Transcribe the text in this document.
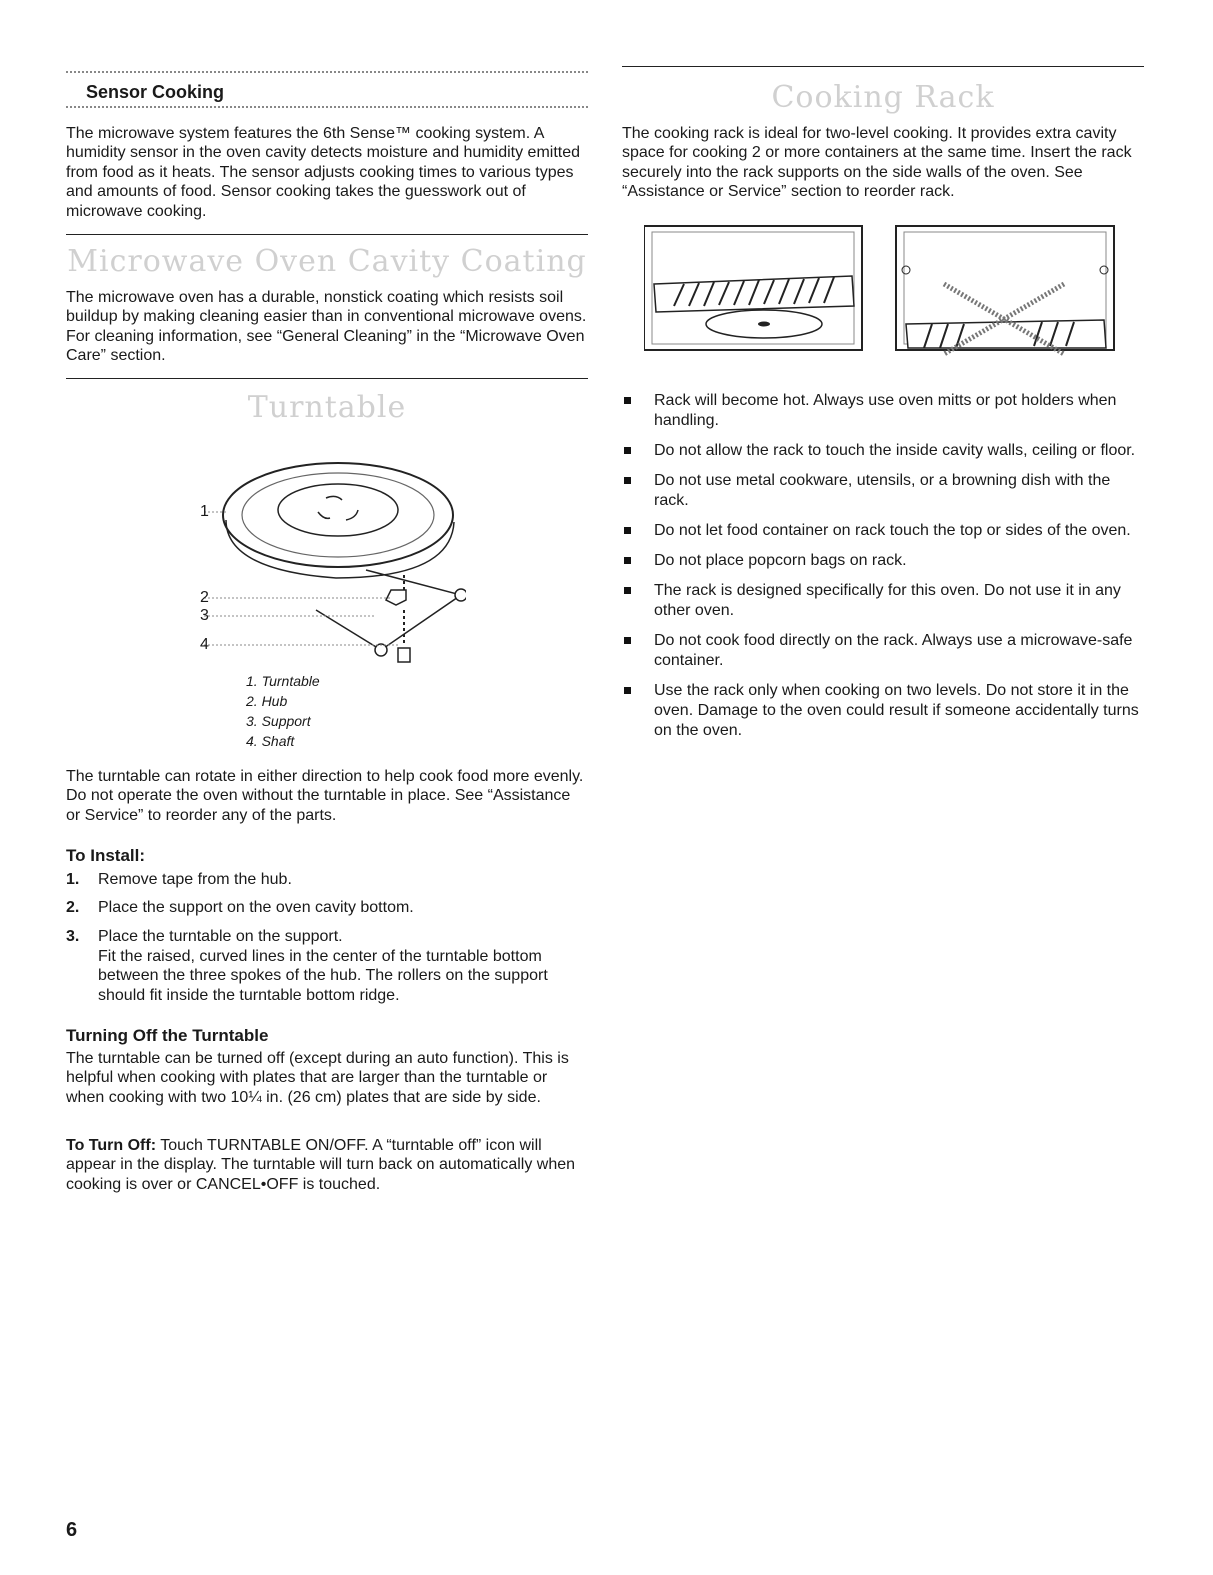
Sensor Cooking

The microwave system features the 6th Sense™ cooking system. A humidity sensor in the oven cavity detects moisture and humidity emitted from food as it heats. The sensor adjusts cooking times to various types and amounts of food. Sensor cooking takes the guesswork out of microwave cooking.

Microwave Oven Cavity Coating

The microwave oven has a durable, nonstick coating which resists soil buildup by making cleaning easier than in conventional microwave ovens. For cleaning information, see “General Cleaning” in the “Microwave Oven Care” section.

Turntable
1
2
3
4
1. Turntable
2. Hub
3. Support
4. Shaft

The turntable can rotate in either direction to help cook food more evenly. Do not operate the oven without the turntable in place. See “Assistance or Service” to reorder any of the parts.

To Install:
1. Remove tape from the hub.
2. Place the support on the oven cavity bottom.
3. Place the turntable on the support.

Fit the raised, curved lines in the center of the turntable bottom between the three spokes of the hub. The rollers on the support should fit inside the turntable bottom ridge.

Turning Off the Turntable

The turntable can be turned off (except during an auto function). This is helpful when cooking with plates that are larger than the turntable or when cooking with two 10¼ in. (26 cm) plates that are side by side.

To Turn Off: Touch TURNTABLE ON/OFF. A “turntable off” icon will appear in the display. The turntable will turn back on automatically when cooking is over or CANCEL•OFF is touched.

Cooking Rack

The cooking rack is ideal for two-level cooking. It provides extra cavity space for cooking 2 or more containers at the same time. Insert the rack securely into the rack supports on the side walls of the oven. See “Assistance or Service” section to reorder rack.

Rack will become hot. Always use oven mitts or pot holders when handling.
Do not allow the rack to touch the inside cavity walls, ceiling or floor.
Do not use metal cookware, utensils, or a browning dish with the rack.
Do not let food container on rack touch the top or sides of the oven.
Do not place popcorn bags on rack.
The rack is designed specifically for this oven. Do not use it in any other oven.
Do not cook food directly on the rack. Always use a microwave-safe container.
Use the rack only when cooking on two levels. Do not store it in the oven. Damage to the oven could result if someone accidentally turns on the oven.
6
